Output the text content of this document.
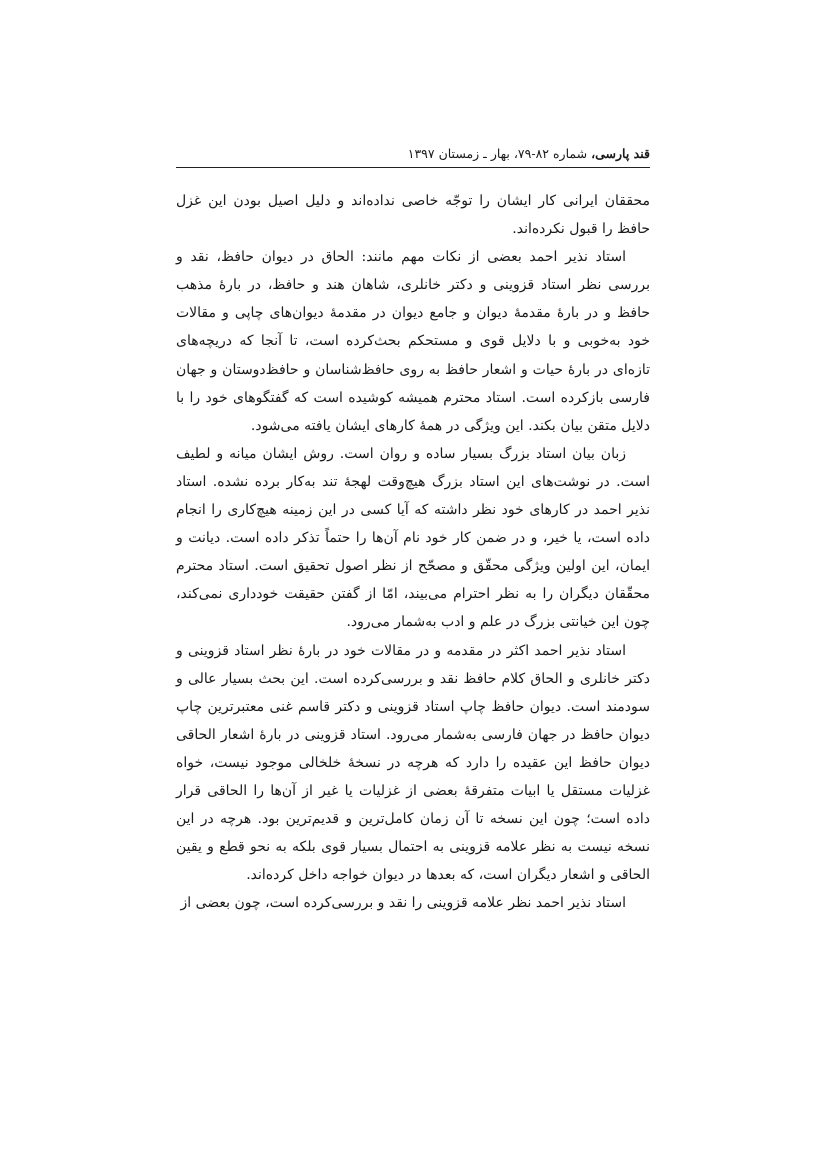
قند پارسی، شماره ۸۲-۷۹، بهار ـ زمستان ۱۳۹۷

محققان ایرانی کار ایشان را توجّه خاصی نداده‌اند و دلیل اصیل بودن این غزل حافظ را قبول نکرده‌اند.

استاد نذیر احمد بعضی از نکات مهم مانند: الحاق در دیوان حافظ، نقد و بررسی نظر استاد قزوینی و دکتر خانلری، شاهان هند و حافظ، در بارهٔ مذهب حافظ و در بارهٔ مقدمهٔ دیوان و جامع دیوان در مقدمهٔ دیوان‌های چاپی و مقالات خود به‌خوبی و با دلایل قوی و مستحکم بحث‌کرده است، تا آنجا که دریچه‌های تازه‌ای در بارهٔ حیات و اشعار حافظ به روی حافظ‌شناسان و حافظ‌دوستان و جهان فارسی بازکرده است. استاد محترم همیشه کوشیده است که گفتگوهای خود را با دلایل متقن بیان بکند. این ویژگی در همهٔ کارهای ایشان یافته می‌شود.

زبان بیان استاد بزرگ بسیار ساده و روان است. روش ایشان میانه و لطیف است. در نوشت‌های این استاد بزرگ هیچ‌وقت لهجهٔ تند به‌کار برده نشده. استاد نذیر احمد در کارهای خود نظر داشته که آیا کسی در این زمینه هیچ‌کاری را انجام داده است، یا خیر، و در ضمن کار خود نام آن‌ها را حتماً تذکر داده است. دیانت و ایمان، این اولین ویژگی محقّق و مصحّح از نظر اصول تحقیق است. استاد محترم محقّقان دیگران را به نظر احترام می‌بیند، امّا از گفتن حقیقت خودداری نمی‌کند، چون این خیانتی بزرگ در علم و ادب به‌شمار می‌رود.

استاد نذیر احمد اکثر در مقدمه و در مقالات خود در بارهٔ نظر استاد قزوینی و دکتر خانلری و الحاق کلام حافظ نقد و بررسی‌کرده است. این بحث بسیار عالی و سودمند است. دیوان حافظ چاپ استاد قزوینی و دکتر قاسم غنی معتبرترین چاپ دیوان حافظ در جهان فارسی به‌شمار می‌رود. استاد قزوینی در بارهٔ اشعار الحاقی دیوان حافظ این عقیده را دارد که هرچه در نسخهٔ خلخالی موجود نیست، خواه غزلیات مستقل یا ابیات متفرقهٔ بعضی از غزلیات یا غیر از آن‌ها را الحاقی قرار داده است؛ چون این نسخه تا آن زمان کامل‌ترین و قدیم‌ترین بود. هرچه در این نسخه نیست به نظر علامه قزوینی به احتمال بسیار قوی بلکه به نحو قطع و یقین الحاقی و اشعار دیگران است، که بعدها در دیوان خواجه داخل کرده‌اند.

استاد نذیر احمد نظر علامه قزوینی را نقد و بررسی‌کرده است، چون بعضی از
